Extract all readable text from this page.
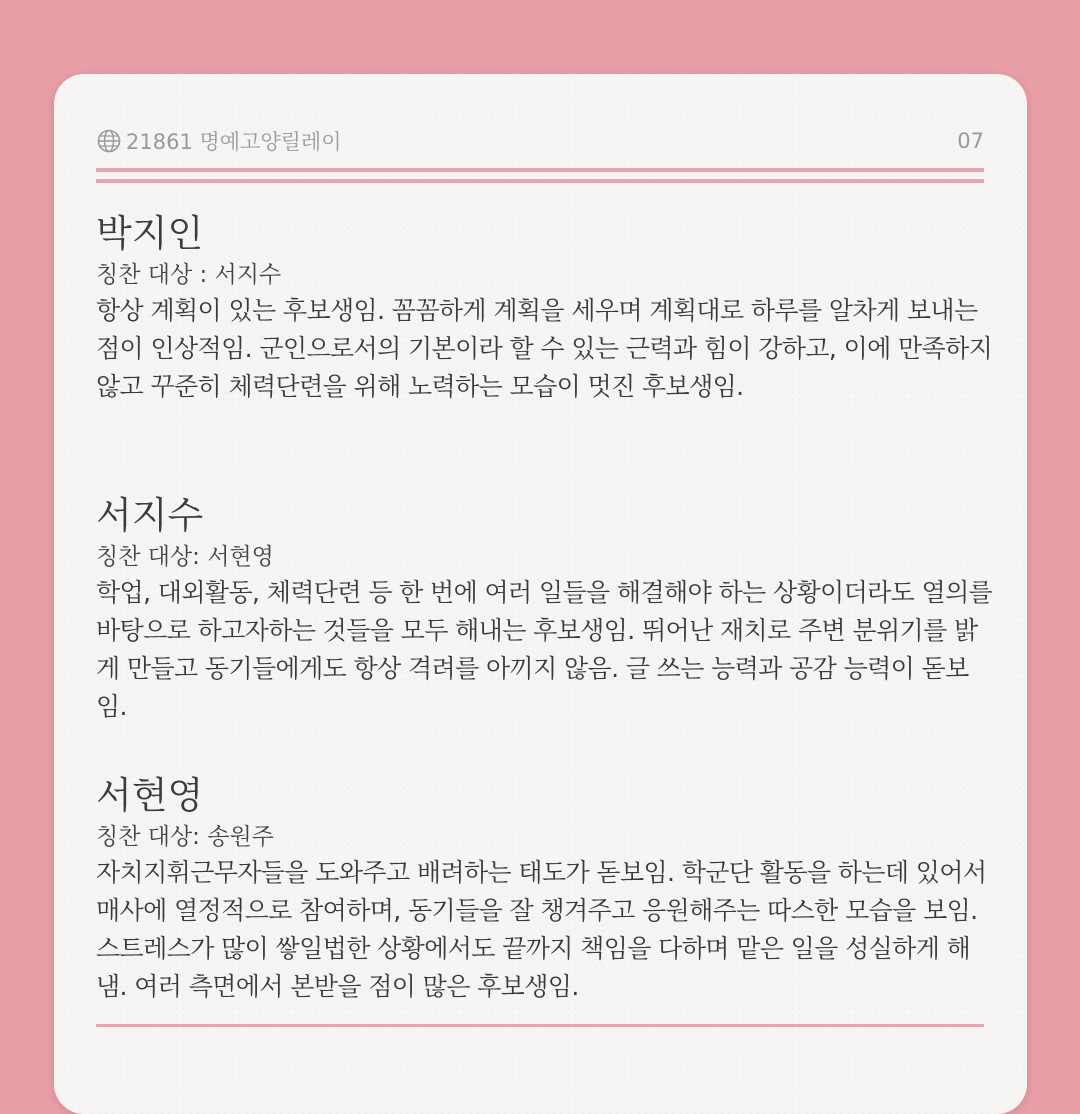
21861 명예고양릴레이	07
박지인
칭찬 대상 : 서지수
항상 계획이 있는 후보생임. 꼼꼼하게 계획을 세우며 계획대로 하루를 알차게 보내는 점이 인상적임. 군인으로서의 기본이라 할 수 있는 근력과 힘이 강하고, 이에 만족하지 않고 꾸준히 체력단련을 위해 노력하는 모습이 멋진 후보생임.
서지수
칭찬 대상: 서현영
학업, 대외활동, 체력단련 등 한 번에 여러 일들을 해결해야 하는 상황이더라도 열의를 바탕으로 하고자하는 것들을 모두 해내는 후보생임. 뛰어난 재치로 주변 분위기를 밝게 만들고 동기들에게도 항상 격려를 아끼지 않음. 글 쓰는 능력과 공감 능력이 돋보임.
서현영
칭찬 대상: 송원주
자치지휘근무자들을 도와주고 배려하는 태도가 돋보임. 학군단 활동을 하는데 있어서 매사에 열정적으로 참여하며, 동기들을 잘 챙겨주고 응원해주는 따스한 모습을 보임. 스트레스가 많이 쌓일법한 상황에서도 끝까지 책임을 다하며 맡은 일을 성실하게 해냄. 여러 측면에서 본받을 점이 많은 후보생임.
